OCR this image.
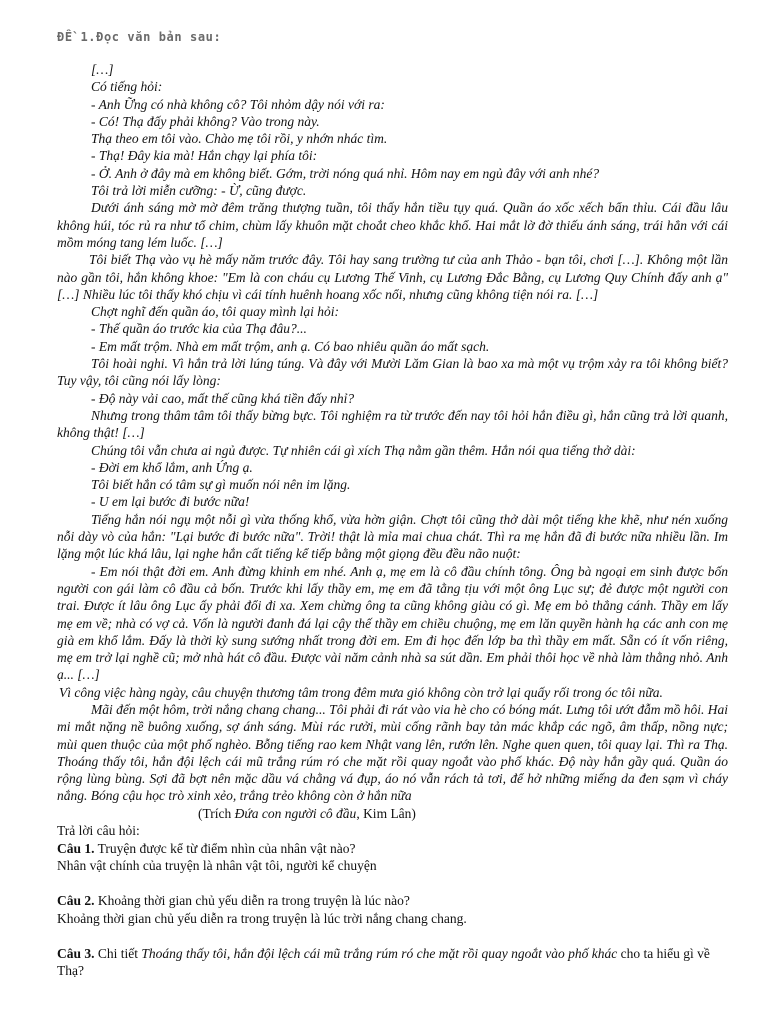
ĐỀ 1.Đọc văn bản sau:

[…]

Có tiếng hỏi:

- Anh Ững có nhà không cô? Tôi nhỏm dậy nói với ra:

- Có! Thạ đấy phải không? Vào trong này.

Thạ theo em tôi vào. Chào mẹ tôi rồi, y nhớn nhác tìm.

- Thạ! Đây kia mà! Hắn chạy lại phía tôi:

- Ở. Anh ở đây mà em không biết. Gớm, trời nóng quá nhỉ. Hôm nay em ngủ đây với anh nhé?

Tôi trả lời miễn cưỡng: - Ừ, cũng được.

Dưới ánh sáng mờ mờ đêm trăng thượng tuần, tôi thấy hắn tiều tụy quá. Quần áo xốc xếch bẩn thỉu. Cái đầu lâu không húi, tóc rủ ra như tổ chim, chùm lấy khuôn mặt choắt cheo khắc khổ. Hai mắt lờ đờ thiếu ánh sáng, trái hẳn với cái mồm móng tang lém luốc. […]

Tôi biết Thạ vào vụ hè mấy năm trước đây. Tôi hay sang trường tư của anh Thảo - bạn tôi, chơi […]. Không một lần nào gần tôi, hắn không khoe: "Em là con cháu cụ Lương Thế Vinh, cụ Lương Đắc Bằng, cụ Lương Quy Chính đấy anh ạ" […] Nhiều lúc tôi thấy khó chịu vì cái tính huênh hoang xốc nổi, nhưng cũng không tiện nói ra. […]

Chợt nghĩ đến quần áo, tôi quay mình lại hỏi:

- Thế quần áo trước kia của Thạ đâu?...

- Em mất trộm. Nhà em mất trộm, anh ạ. Có bao nhiêu quần áo mất sạch.

Tôi hoài nghi. Vì hắn trả lời lúng túng. Và đây với Mười Lăm Gian là bao xa mà một vụ trộm xảy ra tôi không biết? Tuy vậy, tôi cũng nói lấy lòng:

- Độ này vải cao, mất thế cũng khá tiền đấy nhỉ?

Nhưng trong thâm tâm tôi thấy bừng bực. Tôi nghiệm ra từ trước đến nay tôi hỏi hắn điều gì, hắn cũng trả lời quanh, không thật! […]

Chúng tôi vẫn chưa ai ngủ được. Tự nhiên cái gì xích Thạ nằm gần thêm. Hắn nói qua tiếng thở dài:

- Đời em khổ lắm, anh Ứng ạ.

Tôi biết hắn có tâm sự gì muốn nói nên im lặng.

- U em lại bước đi bước nữa!

Tiếng hắn nói ngụ một nỗi gì vừa thống khổ, vừa hờn giận. Chợt tôi cũng thở dài một tiếng khe khẽ, như nén xuống nỗi dày vò của hắn: "Lại bước đi bước nữa". Trời! thật là mỉa mai chua chát. Thì ra mẹ hắn đã đi bước nữa nhiều lần. Im lặng một lúc khá lâu, lại nghe hắn cất tiếng kể tiếp bằng một giọng đều đều não nuột:

- Em nói thật đời em. Anh đừng khinh em nhé. Anh ạ, mẹ em là cô đầu chính tông. Ông bà ngoại em sinh được bốn người con gái làm cô đầu cả bốn. Trước khi lấy thầy em, mẹ em đã tằng tịu với một ông Lục sự; đẻ được một người con trai. Được ít lâu ông Lục ấy phải đổi đi xa. Xem chừng ông ta cũng không giàu có gì. Mẹ em bỏ thẳng cánh. Thầy em lấy mẹ em về; nhà có vợ cả. Vốn là người đanh đá lại cậy thế thầy em chiều chuộng, mẹ em lăn quyền hành hạ các anh con mẹ già em khổ lắm. Đấy là thời kỳ sung sướng nhất trong đời em. Em đi học đến lớp ba thì thầy em mất. Sẵn có ít vốn riêng, mẹ em trở lại nghề cũ; mở nhà hát cô đầu. Được vài năm cảnh nhà sa sút dần. Em phải thôi học về nhà làm thằng nhỏ. Anh ạ... […]

Vì công việc hàng ngày, câu chuyện thương tâm trong đêm mưa gió không còn trở lại quấy rối trong óc tôi nữa.

Mãi đến một hôm, trời nắng chang chang... Tôi phải đi rát vào via hè cho có bóng mát. Lưng tôi ướt đẫm mồ hôi. Hai mi mắt nặng nề buông xuống, sợ ánh sáng. Mùi rác rưởi, mùi cống rãnh bay tản mác khắp các ngõ, âm thấp, nồng nực; mùi quen thuộc của một phố nghèo. Bỗng tiếng rao kem Nhật vang lên, rướn lên. Nghe quen quen, tôi quay lại. Thì ra Thạ. Thoáng thấy tôi, hắn đội lệch cái mũ trắng rúm ró che mặt rồi quay ngoắt vào phố khác. Độ này hắn gầy quá. Quần áo rộng lùng bùng. Sợi đã bợt nên mặc dầu vá chằng vá đụp, áo nó vẫn rách tả tơi, để hở những miếng da đen sạm vì cháy nắng. Bóng cậu học trò xinh xẻo, trắng trẻo không còn ở hắn nữa

(Trích Đứa con người cô đầu, Kim Lân)

Trả lời câu hỏi:

Câu 1. Truyện được kể từ điểm nhìn của nhân vật nào?

Nhân vật chính của truyện là nhân vật tôi, người kể chuyện

Câu 2. Khoảng thời gian chủ yếu diễn ra trong truyện là lúc nào?

Khoảng thời gian chủ yếu diễn ra trong truyện là lúc trời nắng chang chang.

Câu 3. Chi tiết Thoáng thấy tôi, hắn đội lệch cái mũ trắng rúm ró che mặt rồi quay ngoắt vào phố khác cho ta hiểu gì về Thạ?
